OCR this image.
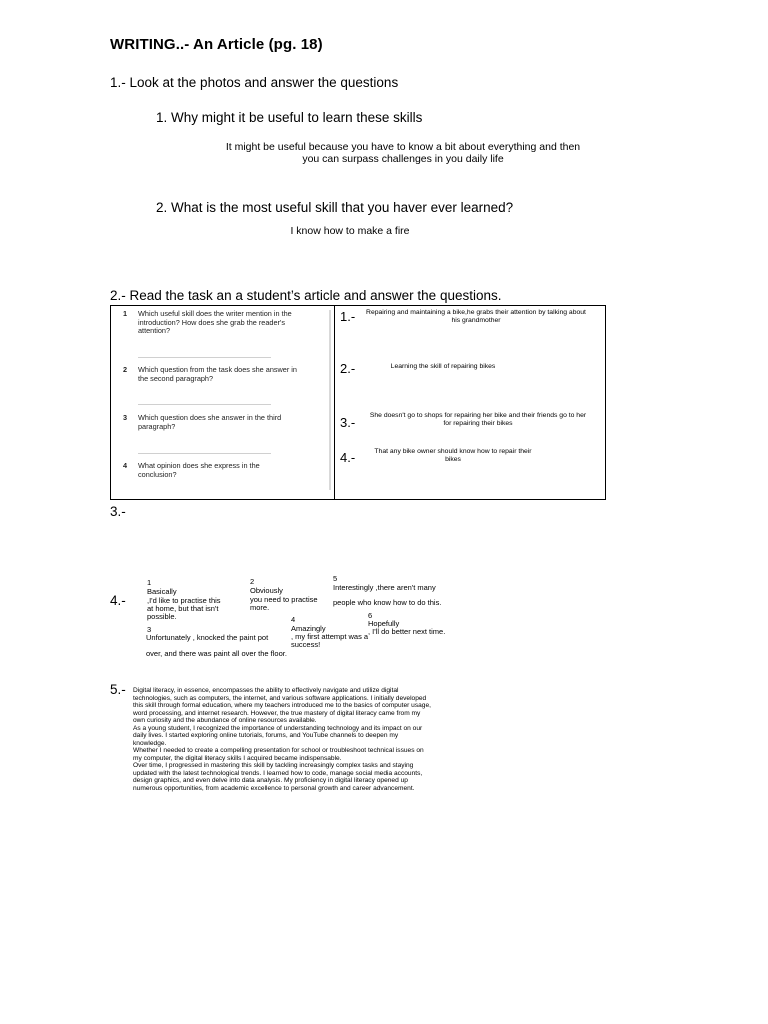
WRITING..- An Article (pg. 18)
1.- Look at the photos and answer the questions
1. Why might it be useful to learn these skills
It might be useful because you have to know a bit about everything and then
you can surpass challenges in you daily life
2. What is the most useful skill that you haver ever learned?
I know how to make a fire
2.- Read the task an a student’s article and answer the questions.
1 Which useful skill does the writer mention in the introduction? How does she grab the reader's attention?
2 Which question from the task does she answer in the second paragraph?
3 Which question does she answer in the third paragraph?
4 What opinion does she express in the conclusion?
1.- Repairing and maintaining a bike,he grabs their attention by talking about his grandmother
2.-	Learning the skill of repairing bikes
3.- She doesn't go to shops for repairing her bike and their friends go to her for repairing their bikes
4.-	That any bike owner should know how to repair their bikes
3.-
4.-
1
Basically
,I'd like to practise this
at home, but that isn't
possible.
2
Obviously
you need to practise
more.
3
Unfortunately , knocked the paint pot
over, and there was paint all over the floor.
4
Amazingly
, my first attempt was a
success!
5
Interestingly ,there aren't many
people who know how to do this.
6
Hopefully
, I'll do better next time.
5.- Digital literacy, in essence, encompasses the ability to effectively navigate and utilize digital

technologies, such as computers, the internet, and various software applications. I initially developed

this skill through formal education, where my teachers introduced me to the basics of computer usage,

word processing, and internet research. However, the true mastery of digital literacy came from my

own curiosity and the abundance of online resources available.

As a young student, I recognized the importance of understanding technology and its impact on our

daily lives. I started exploring online tutorials, forums, and YouTube channels to deepen my

knowledge.

Whether I needed to create a compelling presentation for school or troubleshoot technical issues on

my computer, the digital literacy skills I acquired became indispensable.

Over time, I progressed in mastering this skill by tackling increasingly complex tasks and staying

updated with the latest technological trends. I learned how to code, manage social media accounts,

design graphics, and even delve into data analysis. My proficiency in digital literacy opened up

numerous opportunities, from academic excellence to personal growth and career advancement.
